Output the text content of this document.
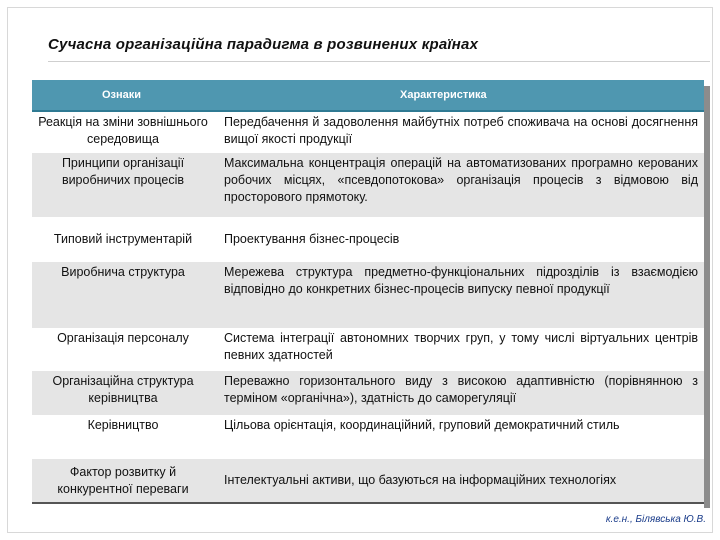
Сучасна організаційна парадигма в розвинених країнах
Ознаки	Характеристика
Реакція на зміни зовнішнього середовища	Передбачення й задоволення майбутніх потреб споживача на основі досягнення вищої якості продукції
Принципи організації виробничих процесів	Максимальна концентрація операцій на автоматизованих програмно керованих робочих місцях, «псевдопотокова» організація процесів з відмовою від просторового прямотоку.
Типовий інструментарій	Проектування бізнес-процесів
Виробнича структура	Мережева структура предметно-функціональних підрозділів із взаємодією відповідно до конкретних бізнес-процесів випуску певної продукції
Організація персоналу	Система інтеграції автономних творчих груп, у тому числі віртуальних центрів певних здатностей
Організаційна структура керівництва	Переважно горизонтального виду з високою адаптивністю (порівнянною з терміном «органічна»), здатність до саморегуляції
Керівництво	Цільова орієнтація, координаційний, груповий демократичний стиль
Фактор розвитку й конкурентної переваги	Інтелектуальні активи, що базуються на інформаційних технологіях
к.е.н., Білявська Ю.В.
